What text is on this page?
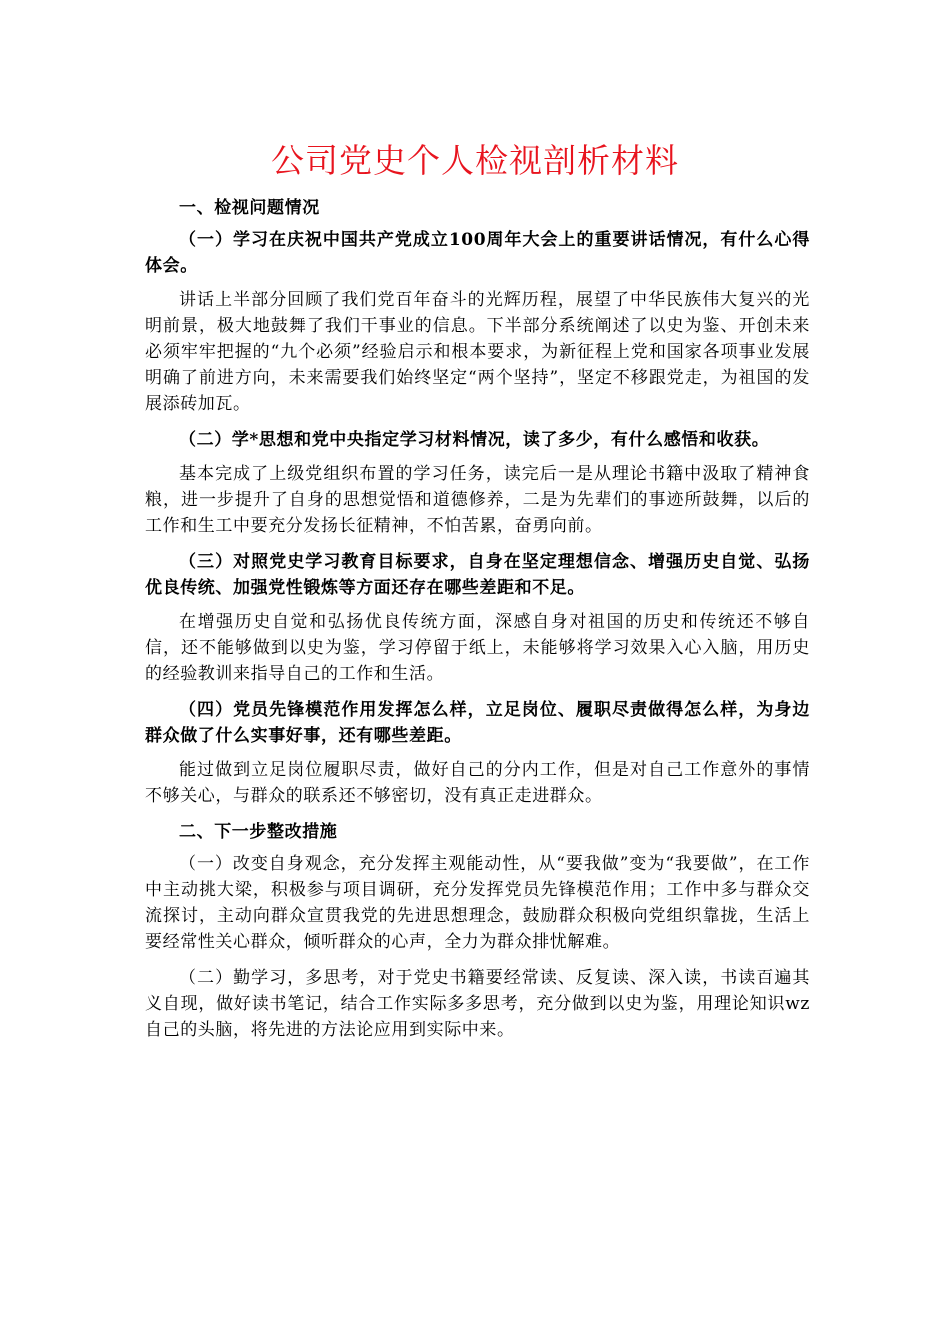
公司党史个人检视剖析材料

一、检视问题情况

（一）学习在庆祝中国共产党成立100周年大会上的重要讲话情况，有什么心得体会。

讲话上半部分回顾了我们党百年奋斗的光辉历程，展望了中华民族伟大复兴的光明前景，极大地鼓舞了我们干事业的信息。下半部分系统阐述了以史为鉴、开创未来必须牢牢把握的“九个必须”经验启示和根本要求，为新征程上党和国家各项事业发展明确了前进方向，未来需要我们始终坚定“两个坚持”，坚定不移跟党走，为祖国的发展添砖加瓦。

（二）学*思想和党中央指定学习材料情况，读了多少，有什么感悟和收获。

基本完成了上级党组织布置的学习任务，读完后一是从理论书籍中汲取了精神食粮，进一步提升了自身的思想觉悟和道德修养，二是为先辈们的事迹所鼓舞，以后的工作和生工中要充分发扬长征精神，不怕苦累，奋勇向前。

（三）对照党史学习教育目标要求，自身在坚定理想信念、增强历史自觉、弘扬优良传统、加强党性锻炼等方面还存在哪些差距和不足。

在增强历史自觉和弘扬优良传统方面，深感自身对祖国的历史和传统还不够自信，还不能够做到以史为鉴，学习停留于纸上，未能够将学习效果入心入脑，用历史的经验教训来指导自己的工作和生活。

（四）党员先锋模范作用发挥怎么样，立足岗位、履职尽责做得怎么样，为身边群众做了什么实事好事，还有哪些差距。

能过做到立足岗位履职尽责，做好自己的分内工作，但是对自己工作意外的事情不够关心，与群众的联系还不够密切，没有真正走进群众。

二、下一步整改措施

（一）改变自身观念，充分发挥主观能动性，从“要我做”变为“我要做”，在工作中主动挑大梁，积极参与项目调研，充分发挥党员先锋模范作用；工作中多与群众交流探讨，主动向群众宣贯我党的先进思想理念，鼓励群众积极向党组织靠拢，生活上要经常性关心群众，倾听群众的心声，全力为群众排忧解难。

（二）勤学习，多思考，对于党史书籍要经常读、反复读、深入读，书读百遍其义自现，做好读书笔记，结合工作实际多多思考，充分做到以史为鉴，用理论知识wz自己的头脑，将先进的方法论应用到实际中来。
